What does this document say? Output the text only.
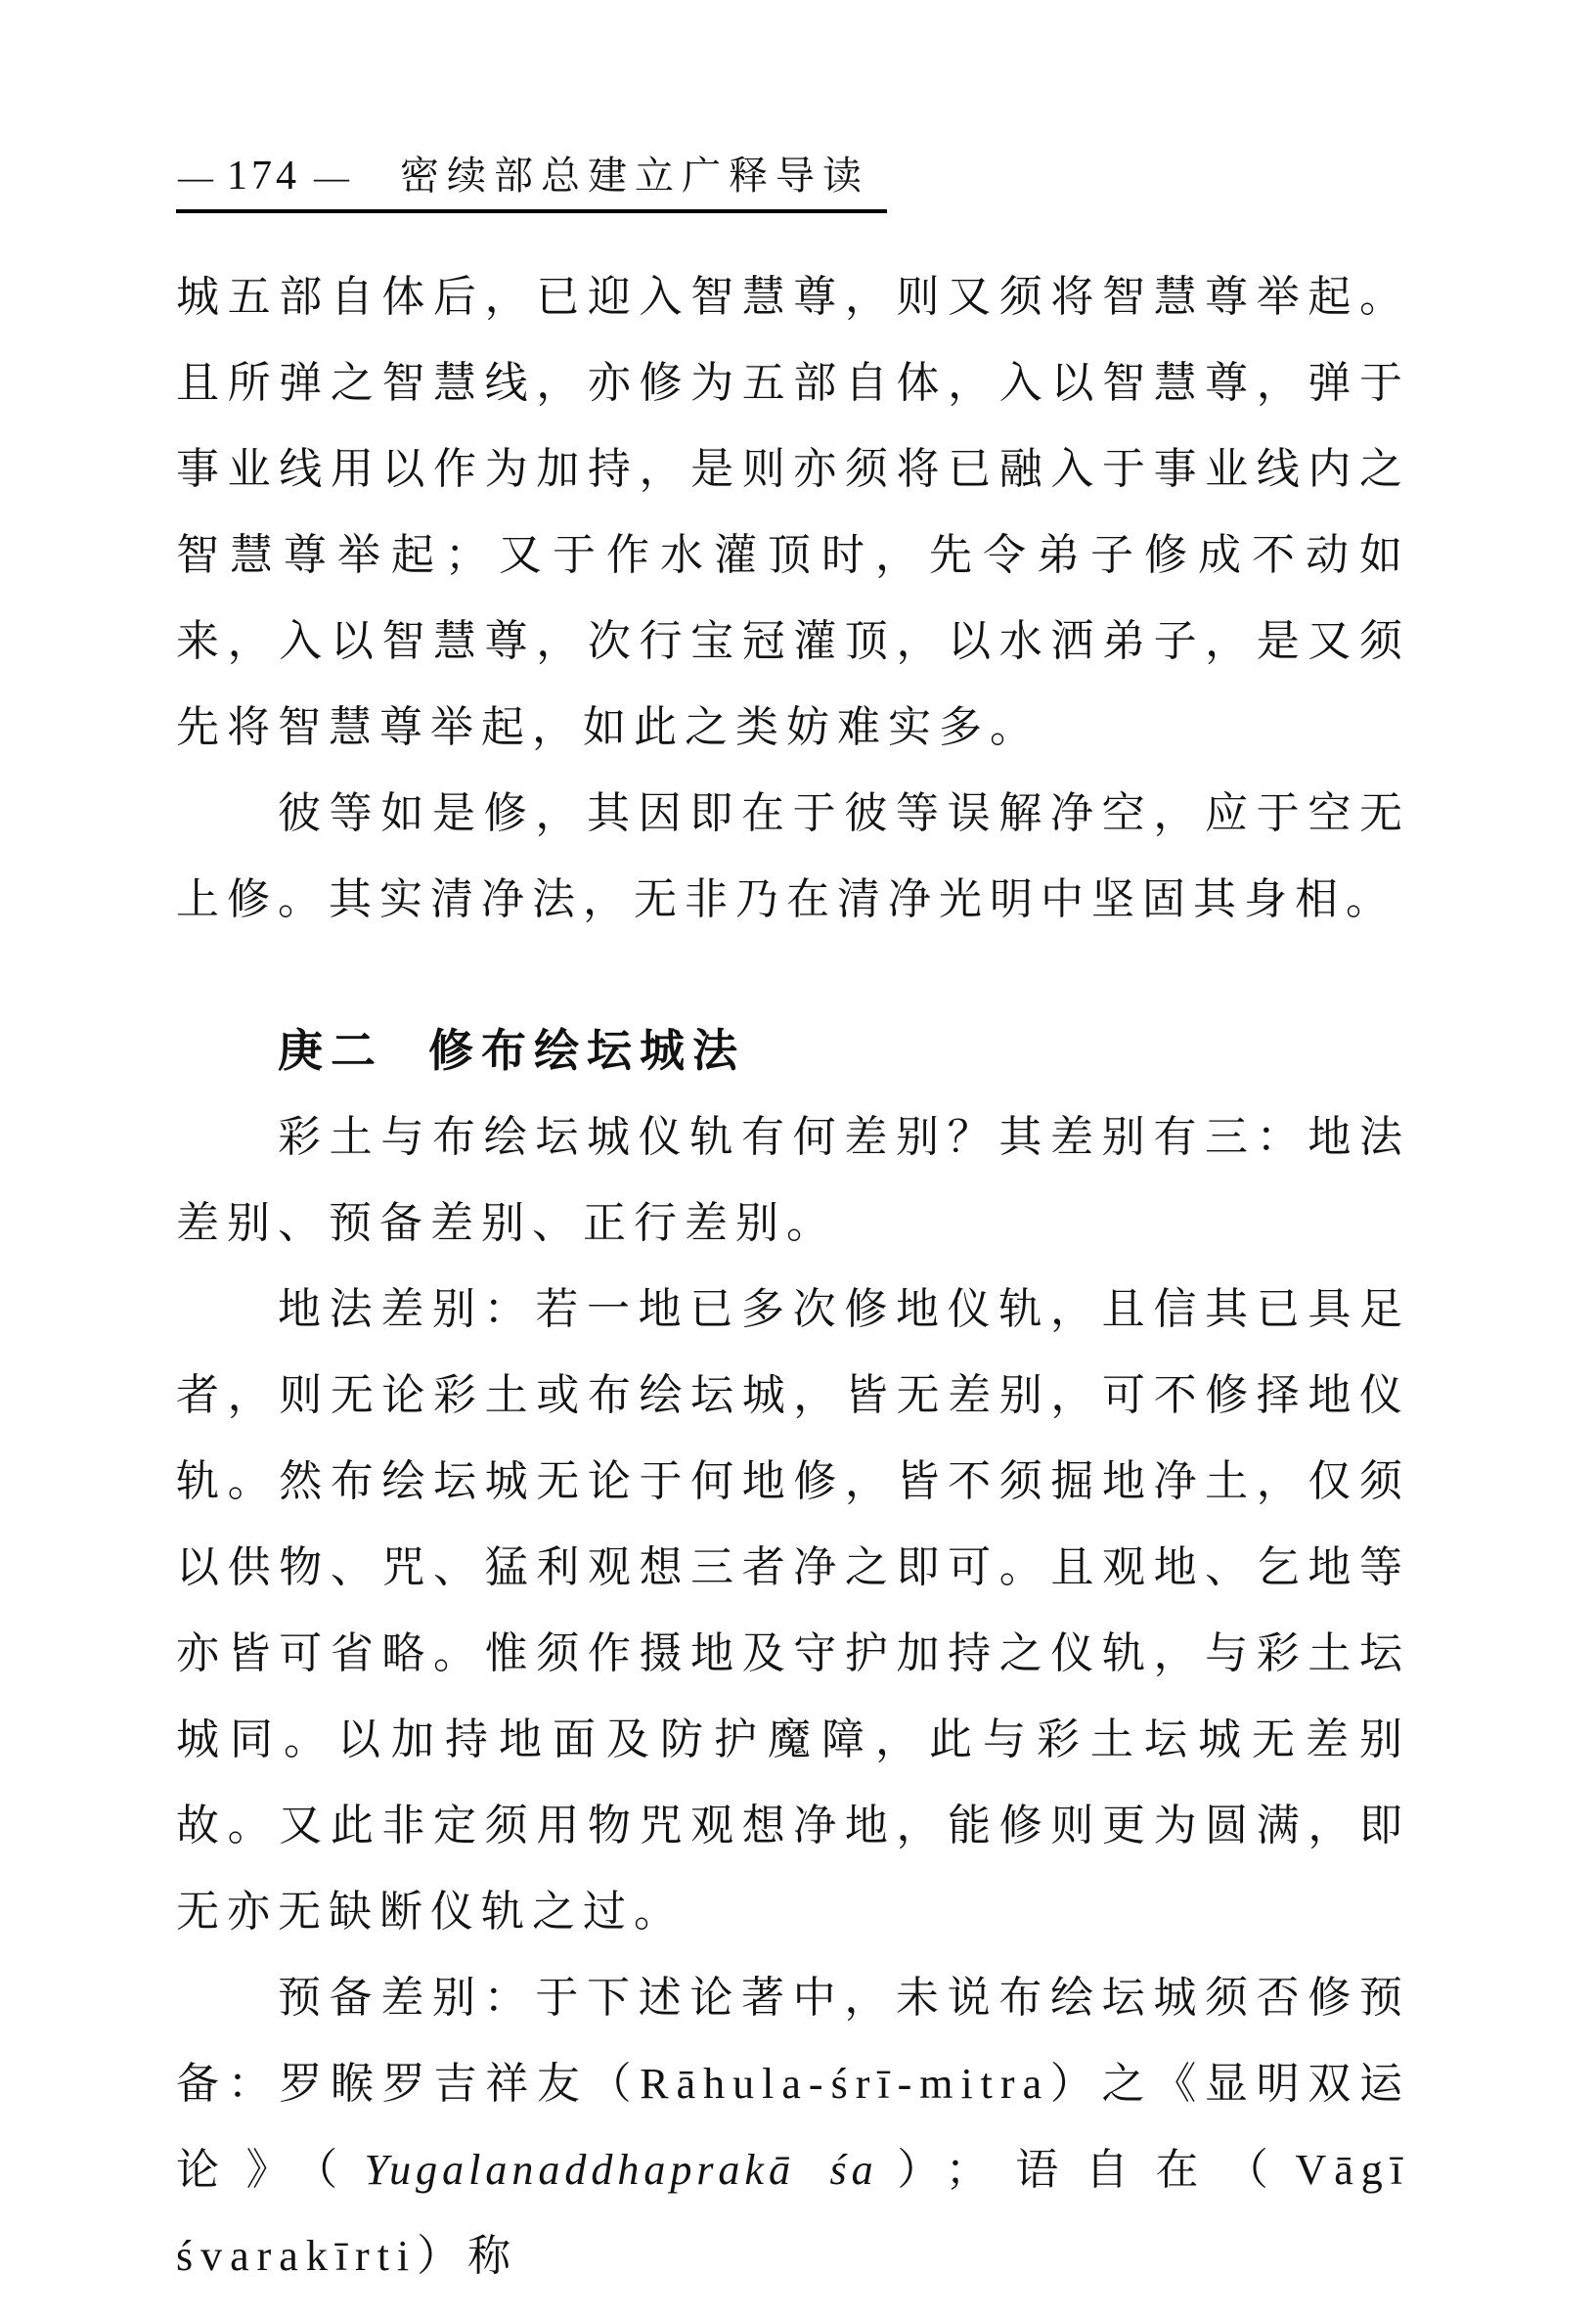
— 174 — 密续部总建立广释导读

城五部自体后，已迎入智慧尊，则又须将智慧尊举起。且所弹之智慧线，亦修为五部自体，入以智慧尊，弹于事业线用以作为加持，是则亦须将已融入于事业线内之智慧尊举起；又于作水灌顶时，先令弟子修成不动如来，入以智慧尊，次行宝冠灌顶，以水洒弟子，是又须先将智慧尊举起，如此之类妨难实多。

彼等如是修，其因即在于彼等误解净空，应于空无上修。其实清净法，无非乃在清净光明中坚固其身相。

庚二 修布绘坛城法

彩土与布绘坛城仪轨有何差别？其差别有三：地法差别、预备差别、正行差别。

地法差别：若一地已多次修地仪轨，且信其已具足者，则无论彩土或布绘坛城，皆无差别，可不修择地仪轨。然布绘坛城无论于何地修，皆不须掘地净土，仅须以供物、咒、猛利观想三者净之即可。且观地、乞地等亦皆可省略。惟须作摄地及守护加持之仪轨，与彩土坛城同。以加持地面及防护魔障，此与彩土坛城无差别故。又此非定须用物咒观想净地，能修则更为圆满，即无亦无缺断仪轨之过。

预备差别：于下述论著中，未说布绘坛城须否修预备：罗睺罗吉祥友（Rāhula-śrī-mitra）之《显明双运论》（Yugalanaddhaprakā śa）；语自在（Vāgī śvarakīrti）称
